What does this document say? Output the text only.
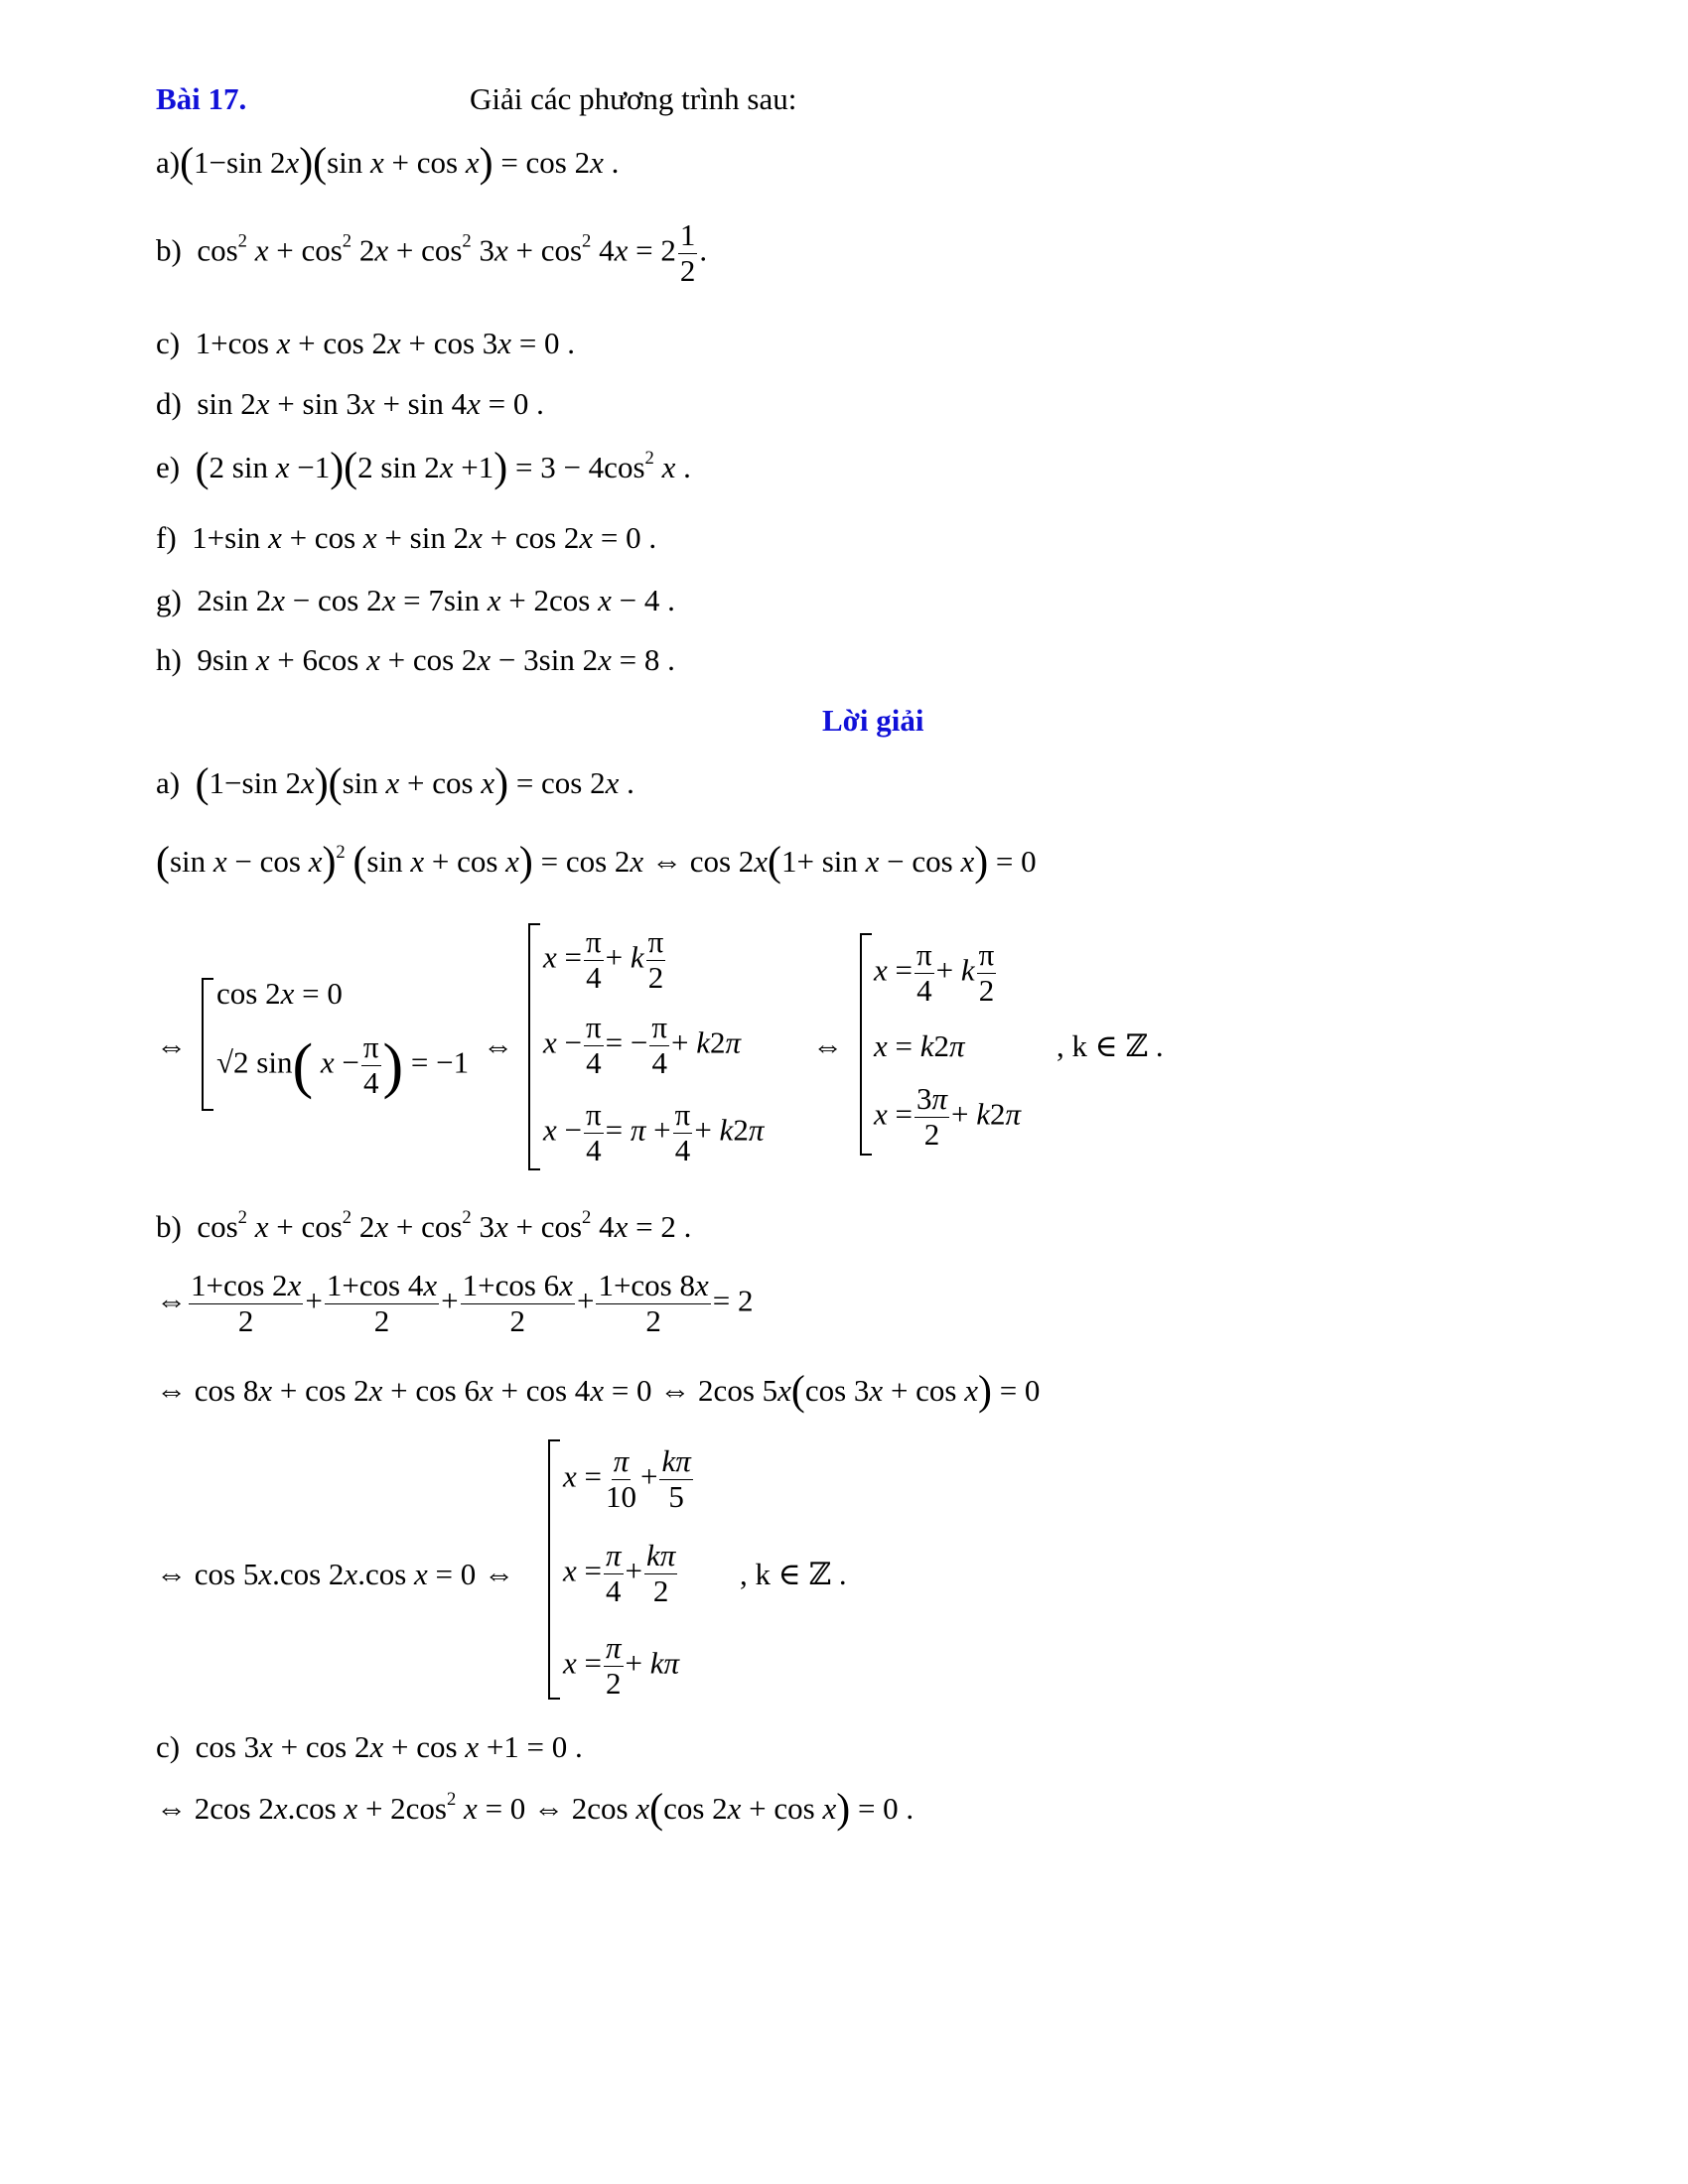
Bài 17.	Giải các phương trình sau:
a)(1−sin 2x)(sin x + cos x) = cos 2x .
b)  $\cos^2 x + \cos^2 2x + \cos^2 3x + \cos^2 4x = 2 \frac{1}{2}$ .
c)  1+cos x + cos 2x + cos 3x = 0 .
d)  sin 2x + sin 3x + sin 4x = 0 .
e)  (2 sin x −1)(2 $\sin 2x +1) = 3 - 4\cos^2$ x .
f)  1+sin x + cos x + sin 2x + cos 2x = 0 .
g)  2sin 2x − cos 2x = 7sin x + 2cos x − 4 .
h)  9sin x + 6cos x + cos 2x − 3sin 2x = 8 .
Lời giải
a)  (1−sin 2x)(sin x + cos x) = cos 2x .
(sin x − cos x)$^2$ (sin x + cos x) = cos 2x ⇔ cos 2x(1+ sin x − cos x) = 0
⇔
cos 2x = 0
√2 sin( $x - \frac{\pi}{4}$ ) = −1 ⇔
$x = \frac{\pi}{4} + k \frac{\pi}{2}$
$x - \frac{\pi}{4}$ = − $\frac{\pi}{4} + k2\pi$
$x - \frac{\pi}{4} = \pi + \frac{\pi}{4} + k2\pi$
⇔
$x = \frac{\pi}{4} + k \frac{\pi}{2}$
x = k2π
$x = \frac{3\pi}{2} + k2\pi$
, k ∈ ℤ .
b)  $\cos^2 x + \cos^2 2x + \cos^2 3x + \cos^2 4x = 2$ .
⇔ $\frac{1+\cos 2x}{2} + \frac{1+\cos 4x}{2} + \frac{1+\cos 6x}{2} + \frac{1+\cos 8x}{2} = 2$
⇔ cos 8x + cos 2x + cos 6x + cos 4x = 0 ⇔ 2cos 5x(cos 3x + cos x) = 0
⇔ cos 5x.cos 2x.cos x = 0 ⇔
$x = \frac{\pi}{10} + \frac{k\pi}{5}$
$x = \frac{\pi}{4} + \frac{k\pi}{2}$
$x = \frac{\pi}{2} + k\pi$
, k ∈ ℤ .
c)  cos 3x + cos 2x + cos x +1 = 0 .
⇔ 2cos 2x.cos $x + 2\cos^2$ x = 0 ⇔ 2cos x(cos 2x + cos x) = 0 .
